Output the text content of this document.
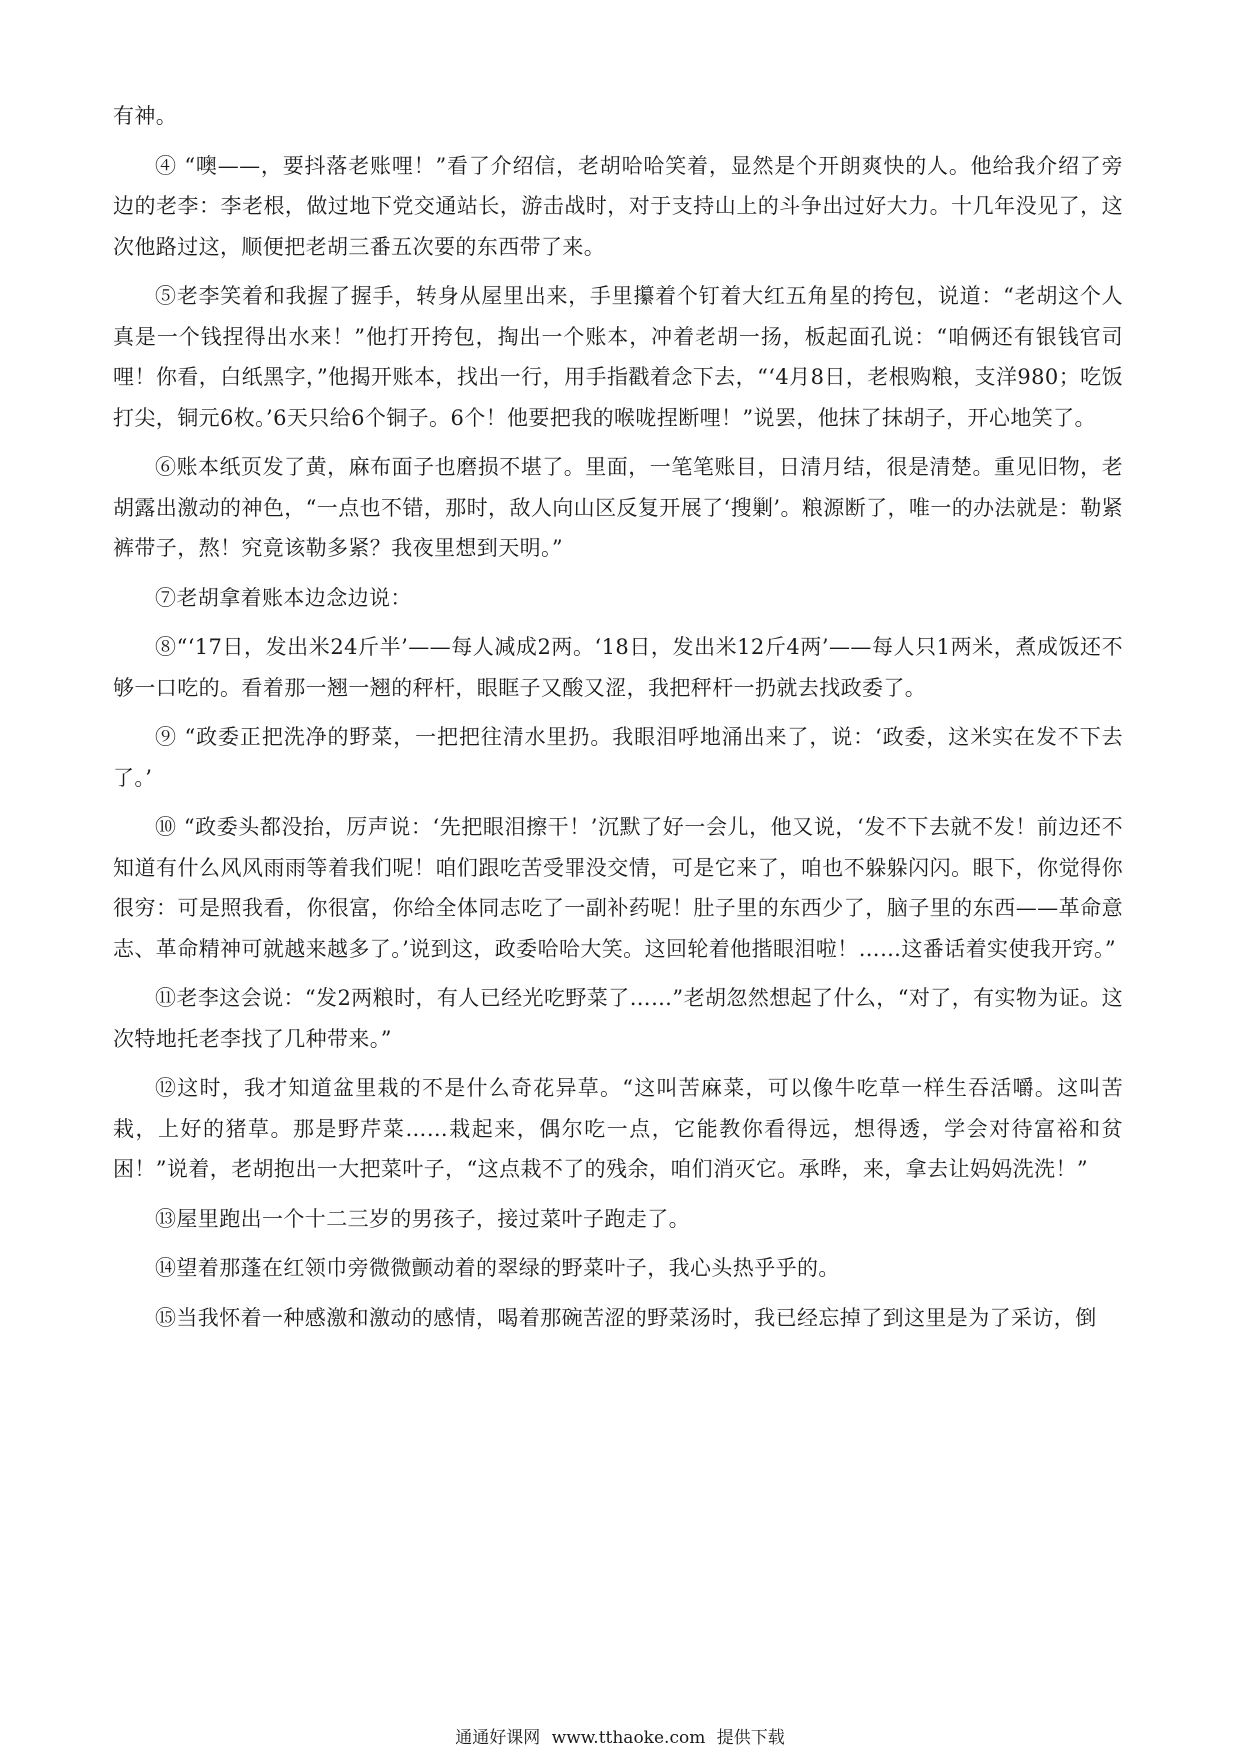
有神。

④ “噢——，要抖落老账哩！”看了介绍信，老胡哈哈笑着，显然是个开朗爽快的人。他给我介绍了旁边的老李：李老根，做过地下党交通站长，游击战时，对于支持山上的斗争出过好大力。十几年没见了，这次他路过这，顺便把老胡三番五次要的东西带了来。

⑤老李笑着和我握了握手，转身从屋里出来，手里攥着个钉着大红五角星的挎包，说道：“老胡这个人真是一个钱捏得出水来！”他打开挎包，掏出一个账本，冲着老胡一扬，板起面孔说：“咱俩还有银钱官司哩！你看，白纸黑字，”他揭开账本，找出一行，用手指戳着念下去，“‘4月8日，老根购粮，支洋980；吃饭打尖，铜元6枚。’6天只给6个铜子。6个！他要把我的喉咙捏断哩！”说罢，他抹了抹胡子，开心地笑了。

⑥账本纸页发了黄，麻布面子也磨损不堪了。里面，一笔笔账目，日清月结，很是清楚。重见旧物，老胡露出激动的神色，“一点也不错，那时，敌人向山区反复开展了‘搜剿’。粮源断了，唯一的办法就是：勒紧裤带子，熬！究竟该勒多紧？我夜里想到天明。”

⑦老胡拿着账本边念边说：

⑧“‘17日，发出米24斤半’——每人减成2两。‘18日，发出米12斤4两’——每人只1两米，煮成饭还不够一口吃的。看着那一翘一翘的秤杆，眼眶子又酸又涩，我把秤杆一扔就去找政委了。

⑨ “政委正把洗净的野菜，一把把往清水里扔。我眼泪呼地涌出来了，说：‘政委，这米实在发不下去了。’

⑩ “政委头都没抬，厉声说：‘先把眼泪擦干！’沉默了好一会儿，他又说，‘发不下去就不发！前边还不知道有什么风风雨雨等着我们呢！咱们跟吃苦受罪没交情，可是它来了，咱也不躲躲闪闪。眼下，你觉得你很穷：可是照我看，你很富，你给全体同志吃了一副补药呢！肚子里的东西少了，脑子里的东西——革命意志、革命精神可就越来越多了。’说到这，政委哈哈大笑。这回轮着他揩眼泪啦！……这番话着实使我开窍。”

⑪老李这会说：“发2两粮时，有人已经光吃野菜了……”老胡忽然想起了什么，“对了，有实物为证。这次特地托老李找了几种带来。”

⑫这时，我才知道盆里栽的不是什么奇花异草。“这叫苦麻菜，可以像牛吃草一样生吞活嚼。这叫苦栽，上好的猪草。那是野芹菜……栽起来，偶尔吃一点，它能教你看得远，想得透，学会对待富裕和贫困！”说着，老胡抱出一大把菜叶子，“这点栽不了的残余，咱们消灭它。承晔，来，拿去让妈妈洗洗！”

⑬屋里跑出一个十二三岁的男孩子，接过菜叶子跑走了。

⑭望着那蓬在红领巾旁微微颤动着的翠绿的野菜叶子，我心头热乎乎的。

⑮当我怀着一种感激和激动的感情，喝着那碗苦涩的野菜汤时，我已经忘掉了到这里是为了采访，倒

通通好课网 www.tthaoke.com 提供下载
